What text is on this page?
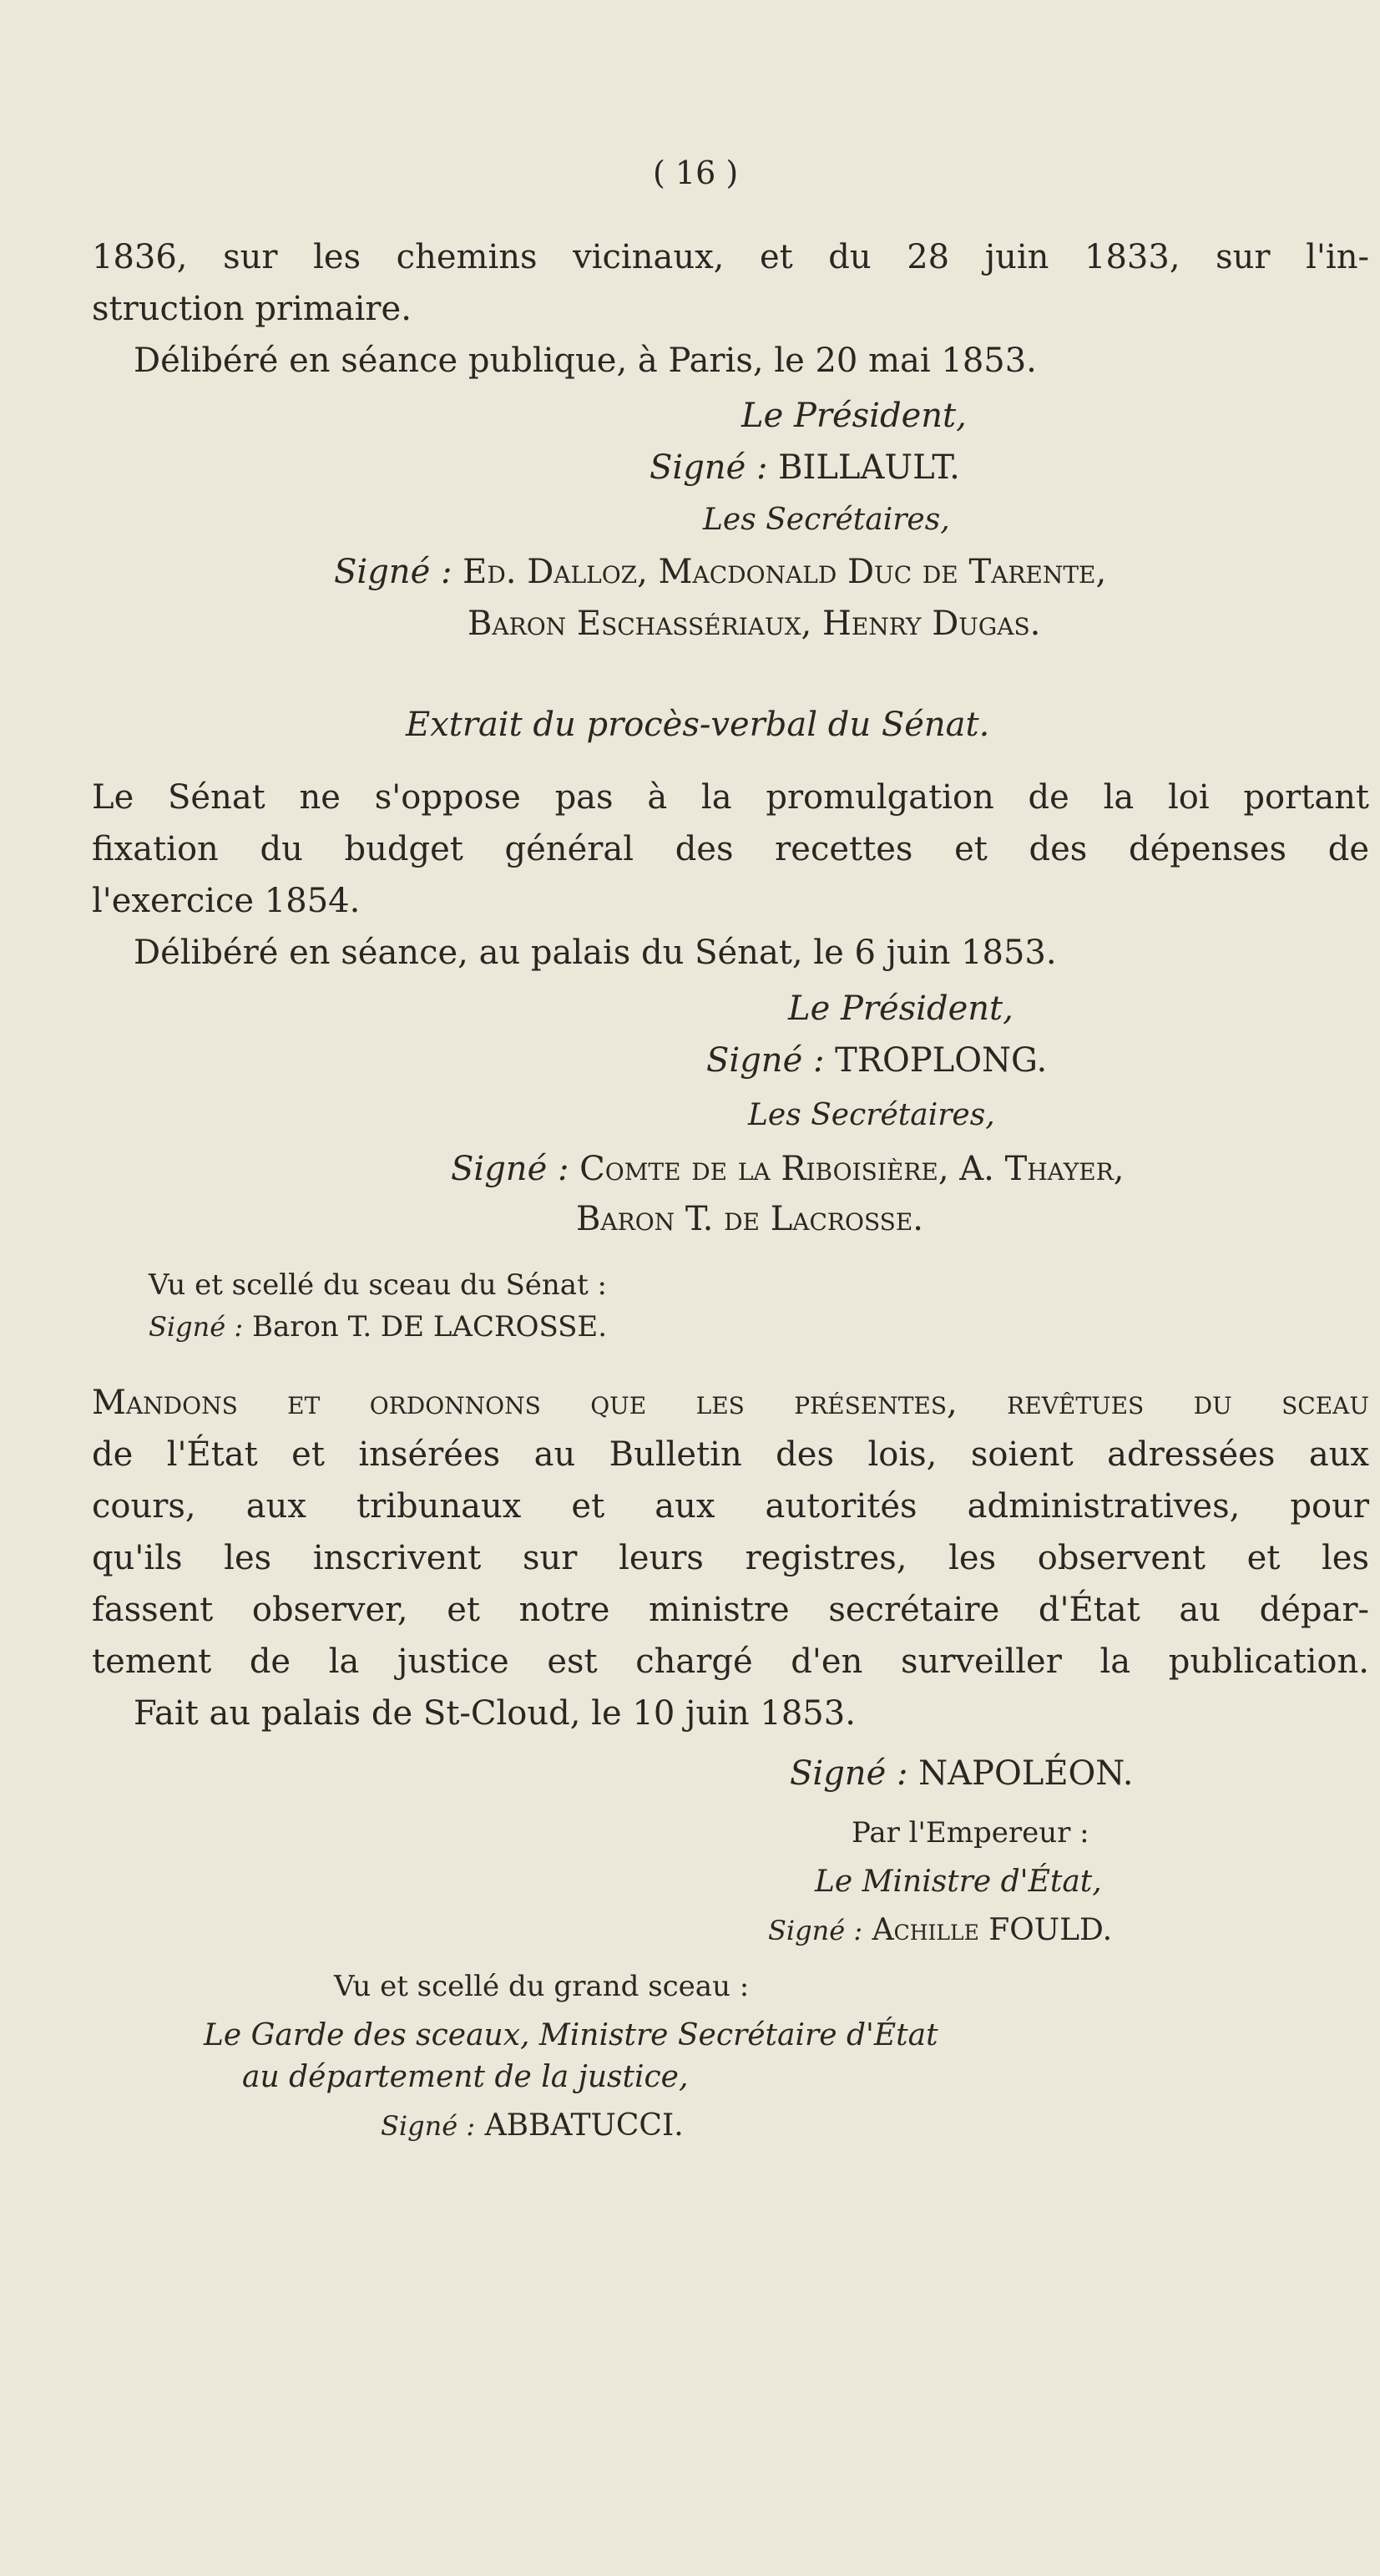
( 16 )
1836, sur les chemins vicinaux, et du 28 juin 1833, sur l'in-
struction primaire.
Délibéré en séance publique, à Paris, le 20 mai 1853.
Le Président,
Signé : BILLAULT.
Les Secrétaires,
Signé : Ed. Dalloz, Macdonald Duc de Tarente,
Baron Eschassériaux, Henry Dugas.
Extrait du procès-verbal du Sénat.
Le Sénat ne s'oppose pas à la promulgation de la loi portant
fixation du budget général des recettes et des dépenses de
l'exercice 1854.
Délibéré en séance, au palais du Sénat, le 6 juin 1853.
Le Président,
Signé : TROPLONG.
Les Secrétaires,
Signé : Comte de la Riboisière, A. Thayer,
Baron T. de Lacrosse.
Vu et scellé du sceau du Sénat :
Signé : Baron T. DE LACROSSE.
Mandons et ordonnons que les présentes, revêtues du sceau
de l'État et insérées au Bulletin des lois, soient adressées aux
cours, aux tribunaux et aux autorités administratives, pour
qu'ils les inscrivent sur leurs registres, les observent et les
fassent observer, et notre ministre secrétaire d'État au dépar-
tement de la justice est chargé d'en surveiller la publication.
Fait au palais de St-Cloud, le 10 juin 1853.
Signé : NAPOLÉON.
Par l'Empereur :
Le Ministre d'État,
Signé : Achille FOULD.
Vu et scellé du grand sceau :
Le Garde des sceaux, Ministre Secrétaire d'État
au département de la justice,
Signé : ABBATUCCI.
